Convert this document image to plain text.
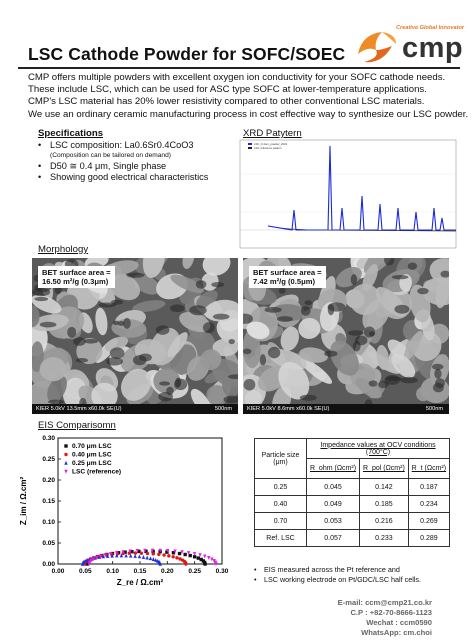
LSC Cathode Powder for SOFC/SOEC
Creative Global Innovator
cmp
CMP offers multiple powders with excellent oxygen ion conductivity for your SOFC cathode needs.
These include LSC, which can be used for ASC type SOFC at lower-temperature applications.
CMP's LSC material has 20% lower resistivity compared to other conventional LSC materials.
We use an ordinary ceramic manufacturing process in cost effective way to synthesize our LSC powder.
Specifications
• LSC composition: La0.6Sr0.4CoO3
(Composition can be tailored on demand)
• D50 ≅ 0.4 μm, Single phase
• Showing good electrical characteristics
XRD Patytern
LSC_0.4um_powder_2022
LSC reference pattern
Morphology
BET surface area =
16.50 m²/g (0.3μm)
KIER 5.0kV 13.5mm x60.0k SE(U)	500nm
BET surface area =
7.42 m²/g (0.5μm)
KIER 5.0kV 8.6mm x60.0k SE(U)	500nm
EIS Comparisomn
0.00 0.05 0.10 0.15 0.20 0.25 0.30
0.00
0.05
0.10
0.15
0.20
0.25
0.30
Z_re / Ω.cm²
Z_im / Ω.cm²
0.70 μm LSC
0.40 μm LSC
0.25 μm LSC
LSC (reference)
Particle size (μm)	Impedance values at OCV conditions (700°C)		
	R_ohm (Ωcm²)	R_pol (Ωcm²)	R_t (Ωcm²)
0.25	0.045	0.142	0.187
0.40	0.049	0.185	0.234
0.70	0.053	0.216	0.269
Ref. LSC	0.057	0.233	0.289
• EIS measured across the Pt reference and
• LSC working electrode on Pt/GDC/LSC half cells.
E-mail: ccm@cmp21.co.kr
C.P : +82-70-8666-1123
Wechat : ccm0590
WhatsApp: cm.choi
